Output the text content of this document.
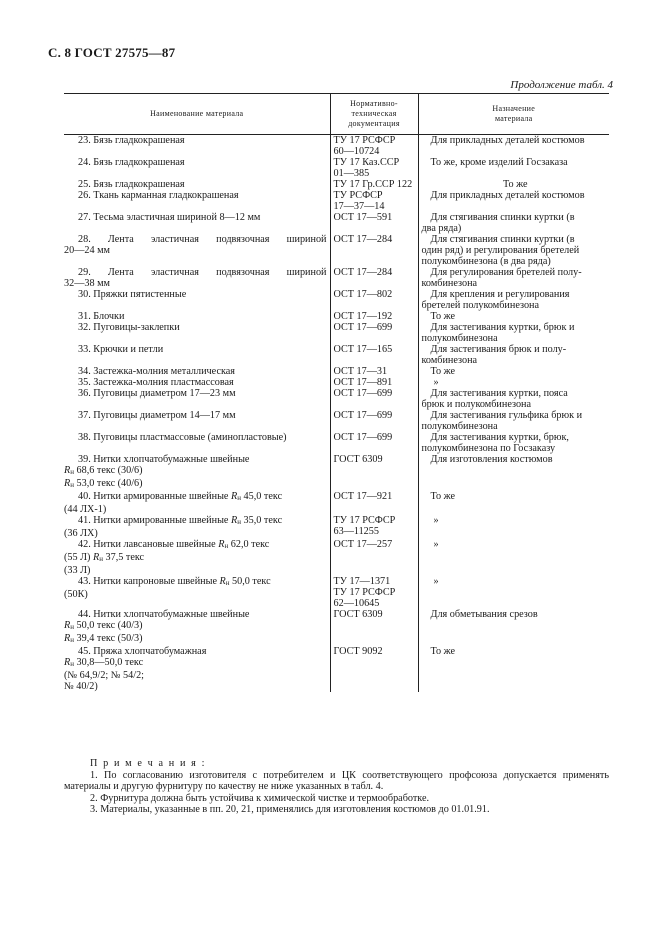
С. 8 ГОСТ 27575—87
Продолжение табл. 4
Наименование материала	Нормативно-
техническая
документация	Назначение
материала

23. Бязь гладкокрашеная	ТУ 17 РСФСР
60—10724	Для прикладных деталей костюмов

24. Бязь гладкокрашеная	ТУ 17 Каз.ССР
01—385	То же, кроме изделий Госзаказа

25. Бязь гладкокрашеная	ТУ 17 Гр.ССР 122	То же

26. Ткань карманная гладкокрашеная	ТУ РСФСР
17—37—14	Для прикладных деталей костюмов

27. Тесьма эластичная шириной 8—12 мм	ОСТ 17—591	Для стягивания спинки куртки (в
два ряда)

28. Лента эластичная подвязочная шириной
20—24 мм	ОСТ 17—284	Для стягивания спинки куртки (в
один ряд) и регулирования бретелей
полукомбинезона (в два ряда)

29. Лента эластичная подвязочная шириной
32—38 мм	ОСТ 17—284	Для регулирования бретелей полу-
комбинезона

30. Пряжки пятистенные	ОСТ 17—802	Для крепления и регулирования
бретелей полукомбинезона

31. Блочки	ОСТ 17—192	То же

32. Пуговицы-заклепки	ОСТ 17—699	Для застегивания куртки, брюк и
полукомбинезона

33. Крючки и петли	ОСТ 17—165	Для застегивания брюк и полу-
комбинезона

34. Застежка-молния металлическая	ОСТ 17—31	То же

35. Застежка-молния пластмассовая	ОСТ 17—891	»

36. Пуговицы диаметром 17—23 мм	ОСТ 17—699	Для застегивания куртки, пояса
брюк и полукомбинезона

37. Пуговицы диаметром 14—17 мм	ОСТ 17—699	Для застегивания гульфика брюк и
полукомбинезона

38. Пуговицы пластмассовые (аминопластовые)	ОСТ 17—699	Для застегивания куртки, брюк,
полукомбинезона по Госзаказу

39. Нитки хлопчатобумажные швейные
Rн 68,6 текс (30/6)
Rн 53,0 текс (40/6)	ГОСТ 6309	Для изготовления костюмов

40. Нитки армированные швейные Rн 45,0 текс
(44 ЛХ-1)	ОСТ 17—921	То же

41. Нитки армированные швейные Rн 35,0 текс
(36 ЛХ)	ТУ 17 РСФСР
63—11255	»

42. Нитки лавсановые швейные Rн 62,0 текс
(55 Л) Rн 37,5 текс
(33 Л)	ОСТ 17—257	»

43. Нитки капроновые швейные Rн 50,0 текс
(50К)	ТУ 17—1371
ТУ 17 РСФСР
62—10645	»

44. Нитки хлопчатобумажные швейные
Rн 50,0 текс (40/3)
Rн 39,4 текс (50/3)	ГОСТ 6309	Для обметывания срезов

45. Пряжа хлопчатобумажная
Rн 30,8—50,0 текс
(№ 64,9/2; № 54/2;
№ 40/2)	ГОСТ 9092	То же
П р и м е ч а н и я :
1. По согласованию изготовителя с потребителем и ЦК соответствующего профсоюза допускается применять материалы и другую фурнитуру по качеству не ниже указанных в табл. 4.
2. Фурнитура должна быть устойчива к химической чистке и термообработке.
3. Материалы, указанные в пп. 20, 21, применялись для изготовления костюмов до 01.01.91.
